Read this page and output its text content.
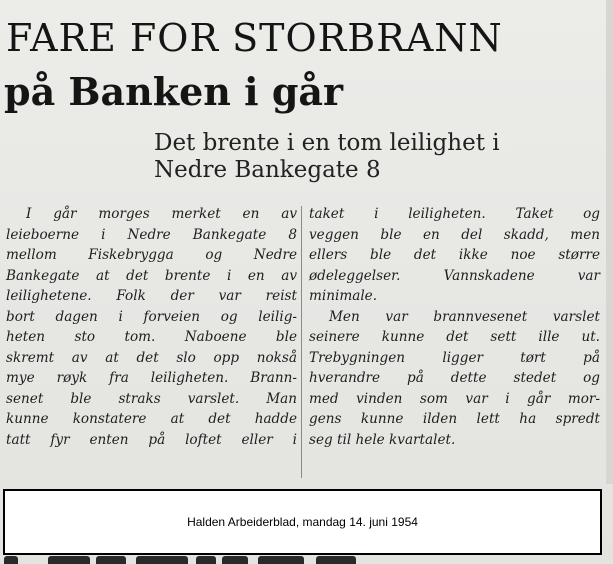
FARE FOR STORBRANN
på Banken i går
Det brente i en tom leilighet i
Nedre Bankegate 8
I går morges merket en av
leieboerne i Nedre Bankegate 8
mellom Fiskebrygga og Nedre
Bankegate at det brente i en av
leilighetene. Folk der var reist
bort dagen i forveien og leilig-
heten sto tom. Naboene ble
skremt av at det slo opp nokså
mye røyk fra leiligheten. Brann-
senet ble straks varslet. Man
kunne konstatere at det hadde
tatt fyr enten på loftet eller i
taket i leiligheten. Taket og
veggen ble en del skadd, men
ellers ble det ikke noe større
ødeleggelser. Vannskadene var
minimale.
Men var brannvesenet varslet
seinere kunne det sett ille ut.
Trebygningen ligger tørt på
hverandre på dette stedet og
med vinden som var i går mor-
gens kunne ilden lett ha spredt
seg til hele kvartalet.
Halden Arbeiderblad, mandag 14. juni 1954
